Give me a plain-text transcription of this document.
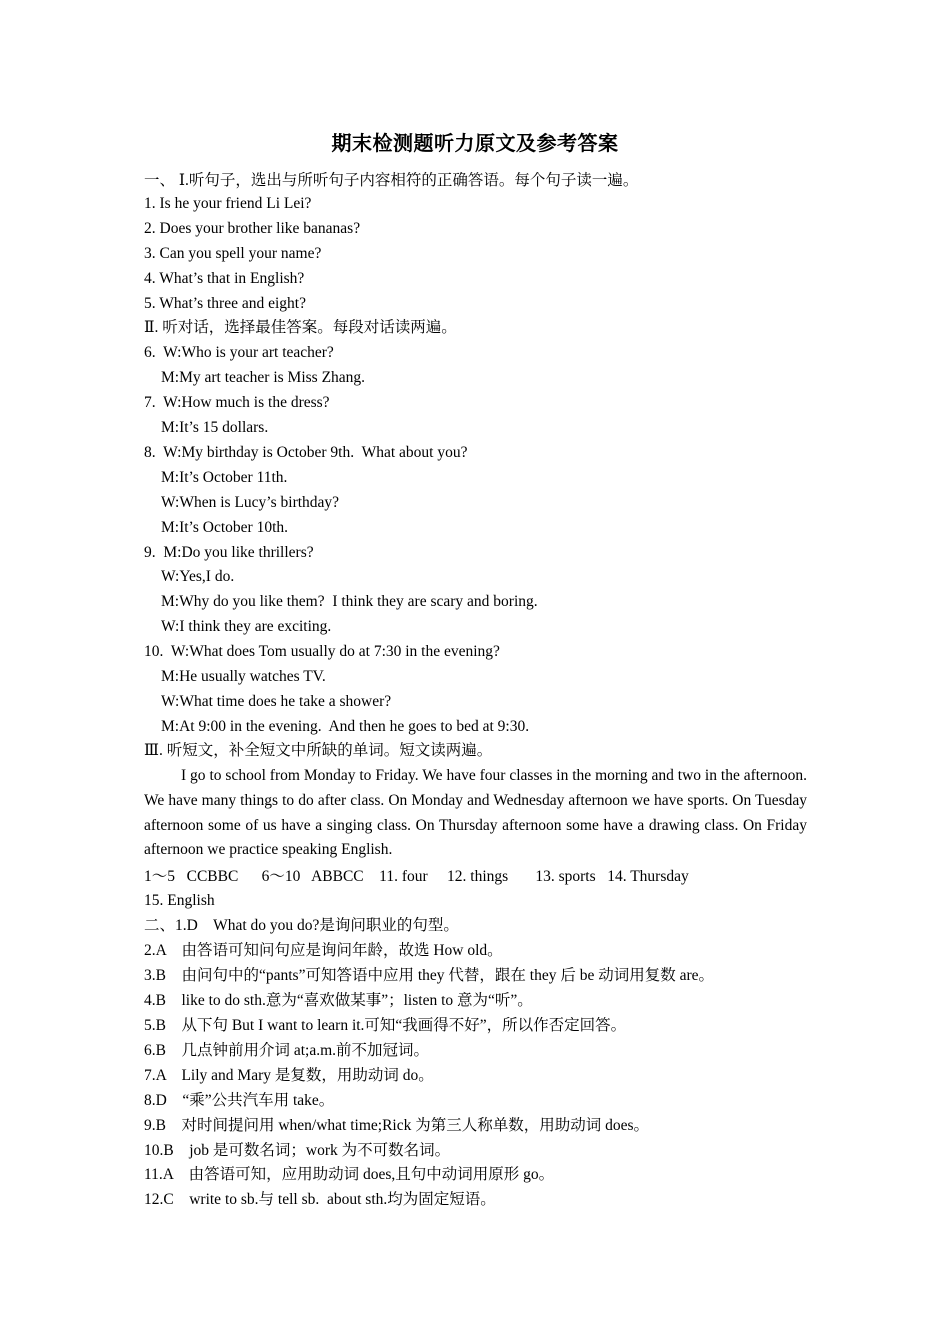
期末检测题听力原文及参考答案
一、 Ⅰ.听句子，选出与所听句子内容相符的正确答语。每个句子读一遍。
1. Is he your friend Li Lei?
2. Does your brother like bananas?
3. Can you spell your name?
4. What’s that in English?
5. What’s three and eight?
Ⅱ. 听对话，选择最佳答案。每段对话读两遍。
6. W:Who is your art teacher?
M:My art teacher is Miss Zhang.
7. W:How much is the dress?
M:It’s 15 dollars.
8. W:My birthday is October 9th.  What about you?
M:It’s October 11th.
W:When is Lucy’s birthday?
M:It’s October 10th.
9. M:Do you like thrillers?
W:Yes,I do.
M:Why do you like them?  I think they are scary and boring.
W:I think they are exciting.
10. W:What does Tom usually do at 7:30 in the evening?
M:He usually watches TV.
W:What time does he take a shower?
M:At 9:00 in the evening.  And then he goes to bed at 9:30.
Ⅲ. 听短文，补全短文中所缺的单词。短文读两遍。
I go to school from Monday to Friday. We have four classes in the morning and two in the afternoon. We have many things to do after class. On Monday and Wednesday afternoon we have sports. On Tuesday afternoon some of us have a singing class. On Thursday afternoon some have a drawing class. On Friday afternoon we practice speaking English.
1～5   CCBBC 6～10   ABBCC 11. four 12. things 13. sports 14. Thursday
15. English
二、1.D What do you do?是询问职业的句型。
2.A 由答语可知问句应是询问年龄，故选 How old。
3.B 由问句中的“pants”可知答语中应用 they 代替，跟在 they 后 be 动词用复数 are。
4.B like to do sth.意为“喜欢做某事”；listen to 意为“听”。
5.B 从下句 But I want to learn it.可知“我画得不好”，所以作否定回答。
6.B 几点钟前用介词 at;a.m.前不加冠词。
7.A Lily and Mary 是复数，用助动词 do。
8.D “乘”公共汽车用 take。
9.B 对时间提问用 when/what time;Rick 为第三人称单数，用助动词 does。
10.B job 是可数名词；work 为不可数名词。
11.A 由答语可知，应用助动词 does,且句中动词用原形 go。
12.C write to sb.与 tell sb.  about sth.均为固定短语。
